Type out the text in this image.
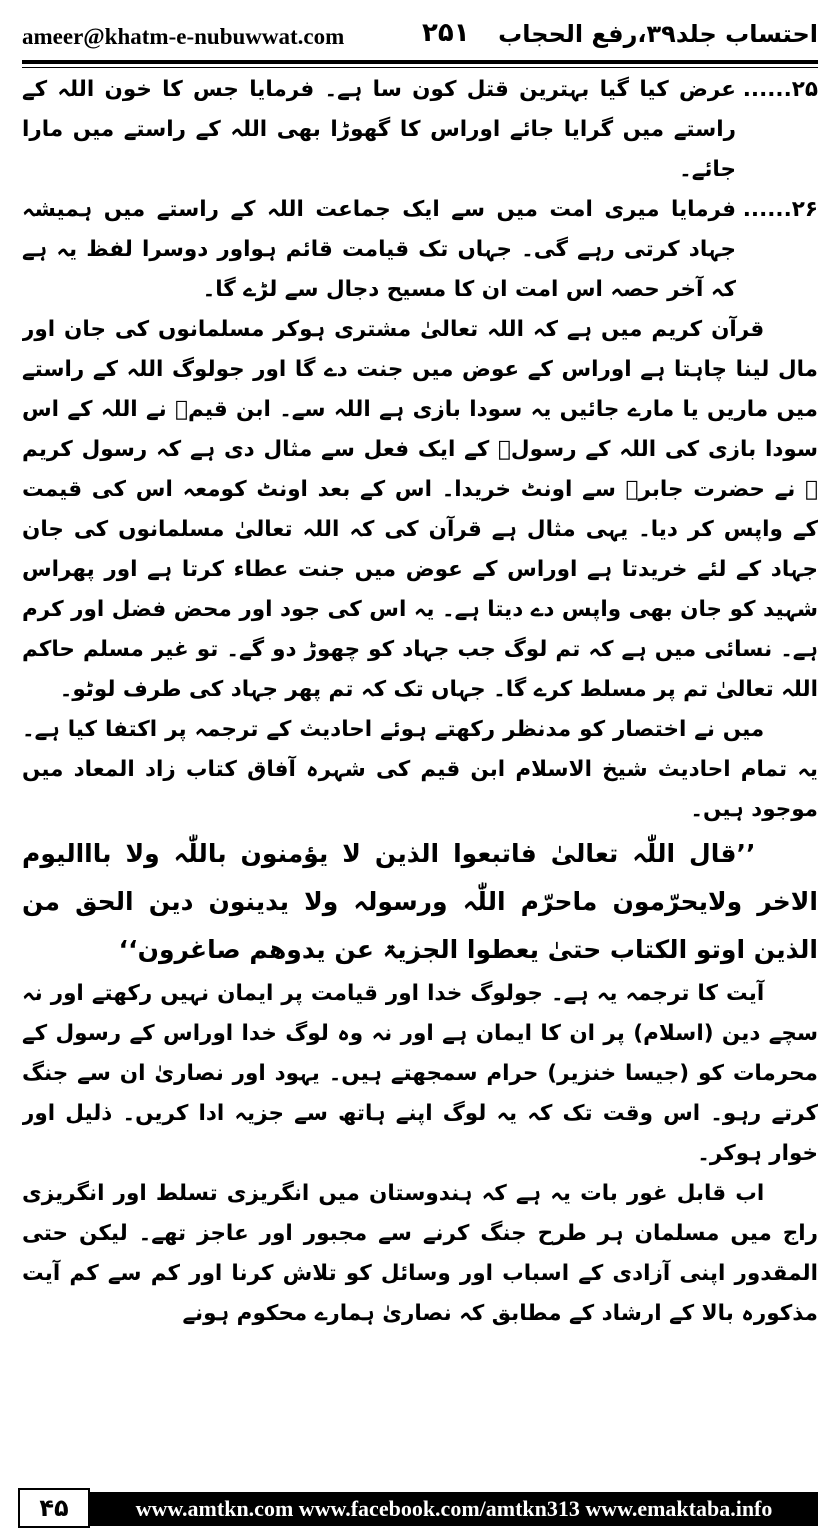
ameer@khatm-e-nubuwwat.com	۲۵۱ احتساب جلد۳۹،رفع الحجاب
۲۵......
عرض کیا گیا بہترین قتل کون سا ہے۔ فرمایا جس کا خون اللہ کے راستے میں گرایا جائے اوراس کا گھوڑا بھی اللہ کے راستے میں مارا جائے۔
۲۶......
فرمایا میری امت میں سے ایک جماعت اللہ کے راستے میں ہمیشہ جہاد کرتی رہے گی۔ جہاں تک قیامت قائم ہواور دوسرا لفظ یہ ہے کہ آخر حصہ اس امت ان کا مسیح دجال سے لڑے گا۔

قرآن کریم میں ہے کہ اللہ تعالیٰ مشتری ہوکر مسلمانوں کی جان اور مال لینا چاہتا ہے اوراس کے عوض میں جنت دے گا اور جولوگ اللہ کے راستے میں ماریں یا مارے جائیں یہ سودا بازی ہے اللہ سے۔ ابن قیمؒ نے اللہ کے اس سودا بازی کی اللہ کے رسولؐ کے ایک فعل سے مثال دی ہے کہ رسول کریم ﷺ نے حضرت جابرؓ سے اونٹ خریدا۔ اس کے بعد اونٹ کومعہ اس کی قیمت کے واپس کر دیا۔ یہی مثال ہے قرآن کی کہ اللہ تعالیٰ مسلمانوں کی جان جہاد کے لئے خریدتا ہے اوراس کے عوض میں جنت عطاء کرتا ہے اور پھراس شہید کو جان بھی واپس دے دیتا ہے۔ یہ اس کی جود اور محض فضل اور کرم ہے۔ نسائی میں ہے کہ تم لوگ جب جہاد کو چھوڑ دو گے۔ تو غیر مسلم حاکم اللہ تعالیٰ تم پر مسلط کرے گا۔ جہاں تک کہ تم پھر جہاد کی طرف لوٹو۔

میں نے اختصار کو مدنظر رکھتے ہوئے احادیث کے ترجمہ پر اکتفا کیا ہے۔ یہ تمام احادیث شیخ الاسلام ابن قیم کی شہرہ آفاق کتاب زاد المعاد میں موجود ہیں۔

’’قال اللّٰہ تعالیٰ فاتبعوا الذین لا یؤمنون باللّٰہ ولا بااالیوم الاخر ولایحرّمون ماحرّم اللّٰہ ورسولہ ولا یدینون دین الحق من الذین اوتو الکتاب حتیٰ یعطوا الجزیۃ عن یدوھم صاغرون‘‘

آیت کا ترجمہ یہ ہے۔ جولوگ خدا اور قیامت پر ایمان نہیں رکھتے اور نہ سچے دین (اسلام) پر ان کا ایمان ہے اور نہ وہ لوگ خدا اوراس کے رسول کے محرمات کو (جیسا خنزیر) حرام سمجھتے ہیں۔ یہود اور نصاریٰ ان سے جنگ کرتے رہو۔ اس وقت تک کہ یہ لوگ اپنے ہاتھ سے جزیہ ادا کریں۔ ذلیل اور خوار ہوکر۔

اب قابل غور بات یہ ہے کہ ہندوستان میں انگریزی تسلط اور انگریزی راج میں مسلمان ہر طرح جنگ کرنے سے مجبور اور عاجز تھے۔ لیکن حتی المقدور اپنی آزادی کے اسباب اور وسائل کو تلاش کرنا اور کم سے کم آیت مذکورہ بالا کے ارشاد کے مطابق کہ نصاریٰ ہمارے محکوم ہونے

۴۵	www.amtkn.com www.facebook.com/amtkn313 www.emaktaba.info
